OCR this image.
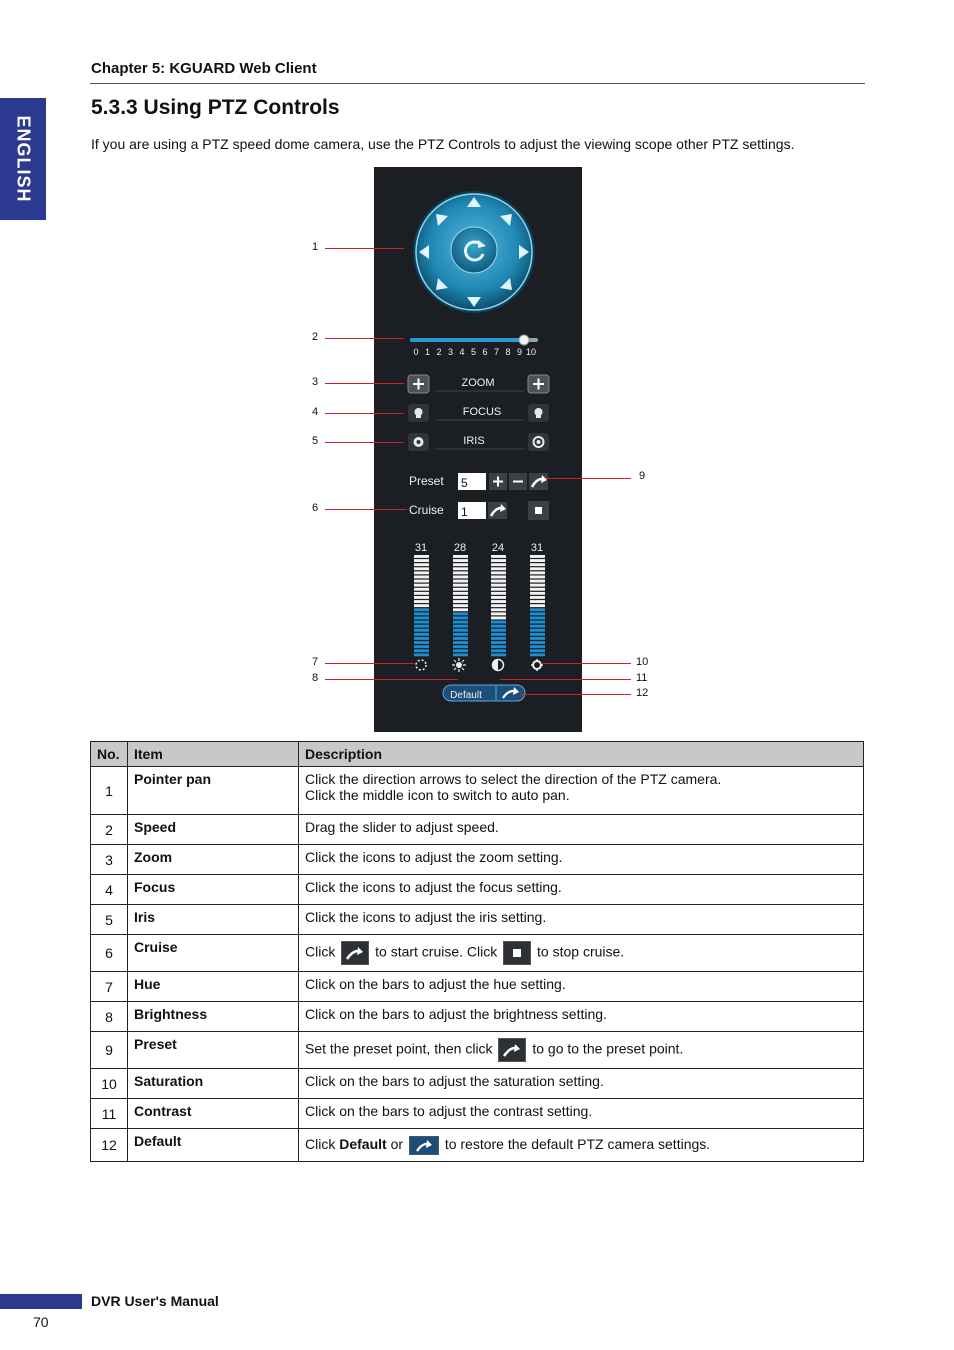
ENGLISH
Chapter 5: KGUARD Web Client
5.3.3 Using PTZ Controls
If you are using a PTZ speed dome camera, use the PTZ Controls to adjust the viewing scope other PTZ settings.
0 1 2 3 4 5 6 7 8 9 10
ZOOM
FOCUS
IRIS
Preset 5
Cruise 1
31 28 24 31
Default
1
2
3
4
5
6
7
8
9
10
11
12
No.	Item	Description
1	Pointer pan	Click the direction arrows to select the direction of the PTZ camera.
Click the middle icon to switch to auto pan.

2	Speed	Drag the slider to adjust speed.
3	Zoom	Click the icons to adjust the zoom setting.
4	Focus	Click the icons to adjust the focus setting.
5	Iris	Click the icons to adjust the iris setting.
6	Cruise	Click to start cruise. Click to stop cruise.
7	Hue	Click on the bars to adjust the hue setting.
8	Brightness	Click on the bars to adjust the brightness setting.
9	Preset	Set the preset point, then click to go to the preset point.
10	Saturation	Click on the bars to adjust the saturation setting.
11	Contrast	Click on the bars to adjust the contrast setting.
12	Default	Click Default or to restore the default PTZ camera settings.
DVR User's Manual
70
